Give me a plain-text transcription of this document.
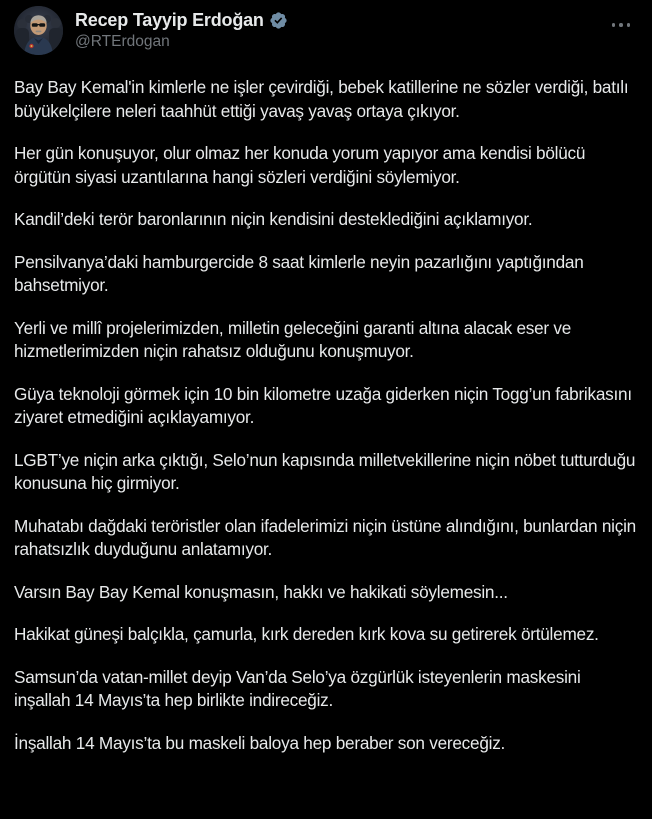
Recep Tayyip Erdoğan
@RTErdogan

Bay Bay Kemal'in kimlerle ne işler çevirdiği, bebek katillerine ne sözler verdiği, batılı büyükelçilere neleri taahhüt ettiği yavaş yavaş ortaya çıkıyor.

Her gün konuşuyor, olur olmaz her konuda yorum yapıyor ama kendisi bölücü örgütün siyasi uzantılarına hangi sözleri verdiğini söylemiyor.

Kandil’deki terör baronlarının niçin kendisini desteklediğini açıklamıyor.

Pensilvanya’daki hamburgercide 8 saat kimlerle neyin pazarlığını yaptığından bahsetmiyor.

Yerli ve millî projelerimizden, milletin geleceğini garanti altına alacak eser ve hizmetlerimizden niçin rahatsız olduğunu konuşmuyor.

Güya teknoloji görmek için 10 bin kilometre uzağa giderken niçin Togg’un fabrikasını ziyaret etmediğini açıklayamıyor.

LGBT’ye niçin arka çıktığı, Selo’nun kapısında milletvekillerine niçin nöbet tutturduğu konusuna hiç girmiyor.

Muhatabı dağdaki teröristler olan ifadelerimizi niçin üstüne alındığını, bunlardan niçin rahatsızlık duyduğunu anlatamıyor.

Varsın Bay Bay Kemal konuşmasın, hakkı ve hakikati söylemesin...

Hakikat güneşi balçıkla, çamurla, kırk dereden kırk kova su getirerek örtülemez.

Samsun’da vatan-millet deyip Van’da Selo’ya özgürlük isteyenlerin maskesini inşallah 14 Mayıs’ta hep birlikte indireceğiz.

İnşallah 14 Mayıs’ta bu maskeli baloya hep beraber son vereceğiz.
